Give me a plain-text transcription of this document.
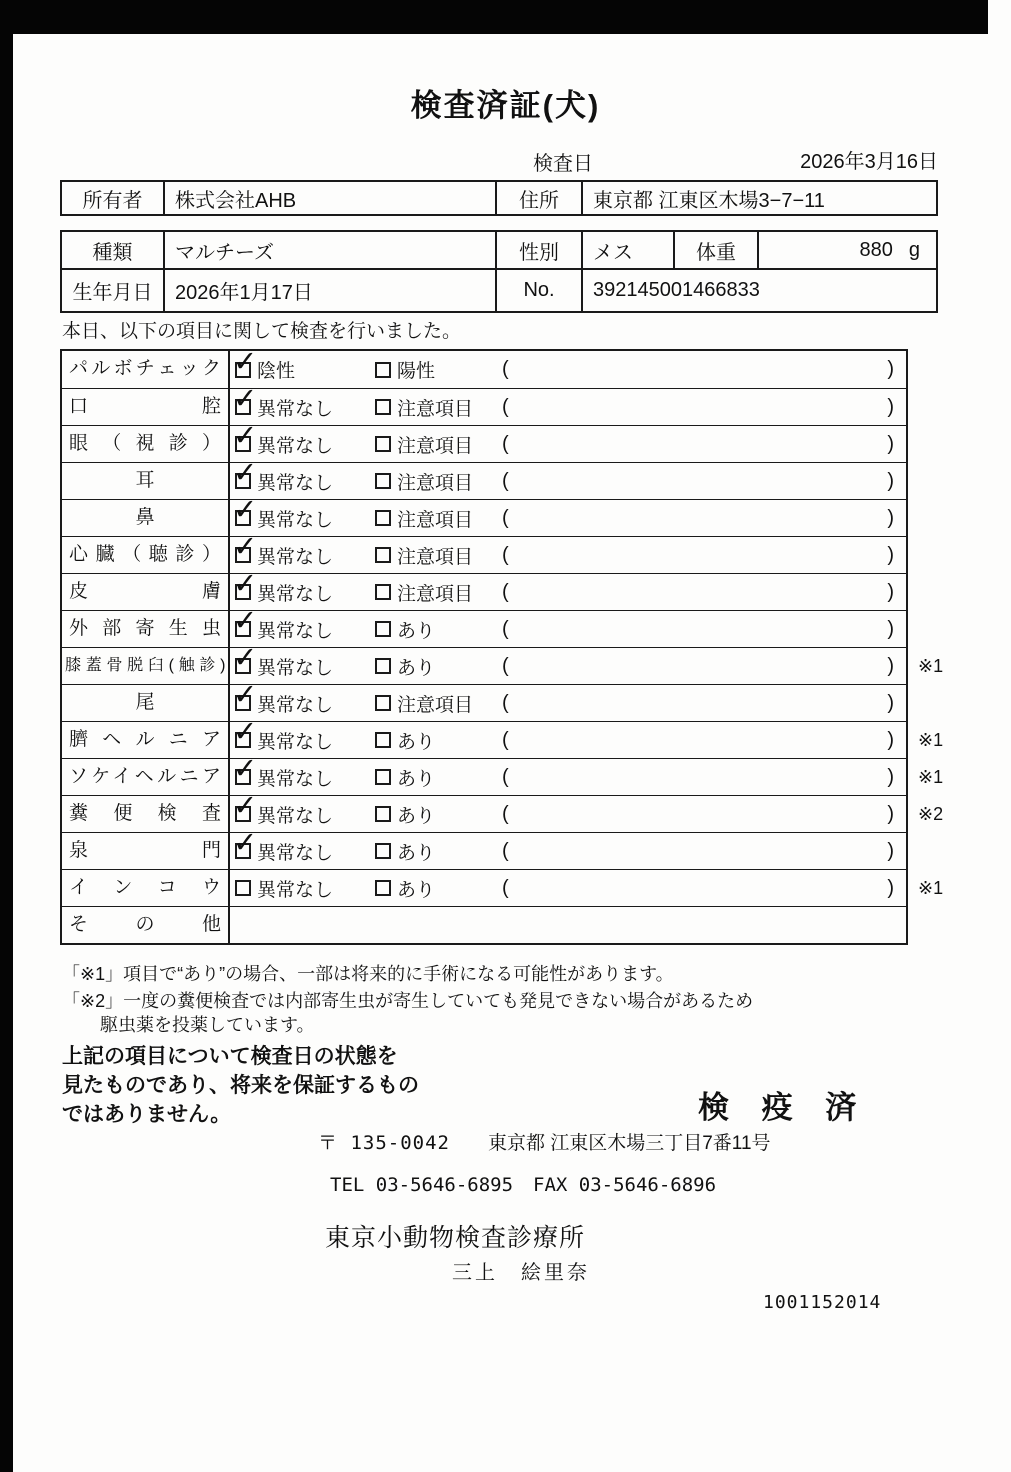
検査済証(犬)
検査日	2026年3月16日
所有者	株式会社AHB	住所	東京都 江東区木場3−7−11
種類	マルチーズ	性別	メス	体重	880 g
生年月日	2026年1月17日	No.	392145001466833
本日、以下の項目に関して検査を行いました。
パルボチェック ✓ 陰性	陽性	(	)
口腔 ✓ 異常なし	注意項目 (	)
眼（視診） ✓ 異常なし	注意項目 (	)
耳	✓ 異常なし	注意項目 (	)
鼻	✓ 異常なし	注意項目 (	)
心臓（聴診） ✓ 異常なし	注意項目 (	)
皮膚 ✓ 異常なし	注意項目 (	)
外部寄生虫 ✓ 異常なし	あり	(	)
膝蓋骨脱臼(触診) ✓ 異常なし	あり	(	) ※1
尾	✓ 異常なし	注意項目 (	)
臍ヘルニア ✓ 異常なし	あり	(	) ※1
ソケイヘルニア ✓ 異常なし	あり	(	) ※1
糞便検査 ✓ 異常なし	あり	(	) ※2
泉門 ✓ 異常なし	あり	(	)
インコウ	異常なし	あり	(	) ※1
その他
「※1」項目で“あり”の場合、一部は将来的に手術になる可能性があります。
「※2」一度の糞便検査では内部寄生虫が寄生していても発見できない場合があるため
駆虫薬を投薬しています。
上記の項目について検査日の状態を
見たものであり、将来を保証するもの
ではありません。	検 疫 済
〒 135-0042 東京都 江東区木場三丁目7番11号
TEL 03-5646-6895 FAX 03-5646-6896
東京小動物検査診療所
三上　絵里奈
1001152014
